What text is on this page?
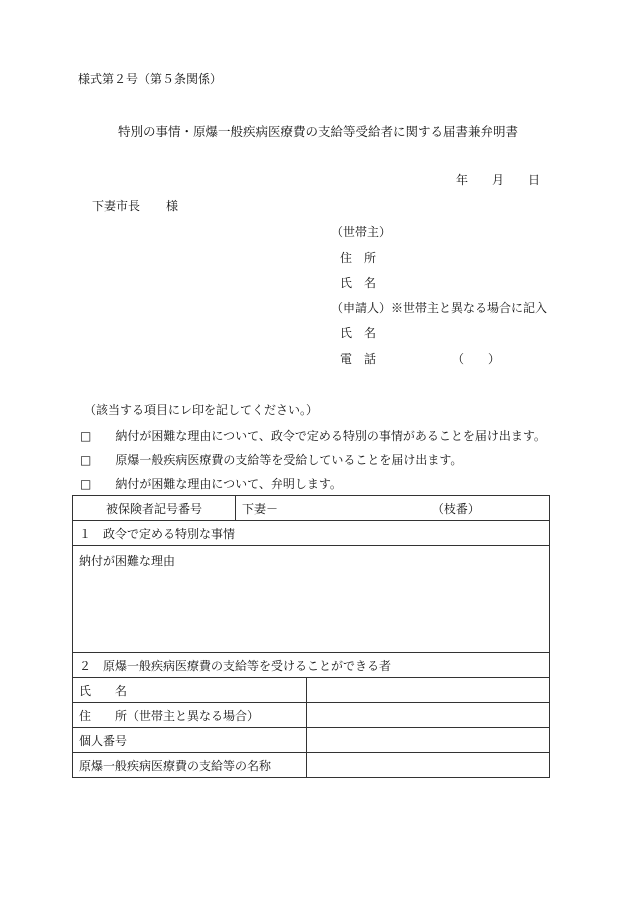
様式第２号（第５条関係）
特別の事情・原爆一般疾病医療費の支給等受給者に関する届書兼弁明書
年 月 日
下妻市長 様
（世帯主）
住　所
氏　名
（申請人）※世帯主と異なる場合に記入
氏　名
電　話	（　　）
（該当する項目にレ印を記してください。）
□ 納付が困難な理由について、政令で定める特別の事情があることを届け出ます。
□ 原爆一般疾病医療費の支給等を受給していることを届け出ます。
□ 納付が困難な理由について、弁明します。
被保険者記号番号	下妻－ （枝番）	
１　政令で定める特別な事情		
納付が困難な理由		
２　原爆一般疾病医療費の支給等を受けることができる者		
氏　　名		
住　　所（世帯主と異なる場合）		
個人番号		
原爆一般疾病医療費の支給等の名称		
